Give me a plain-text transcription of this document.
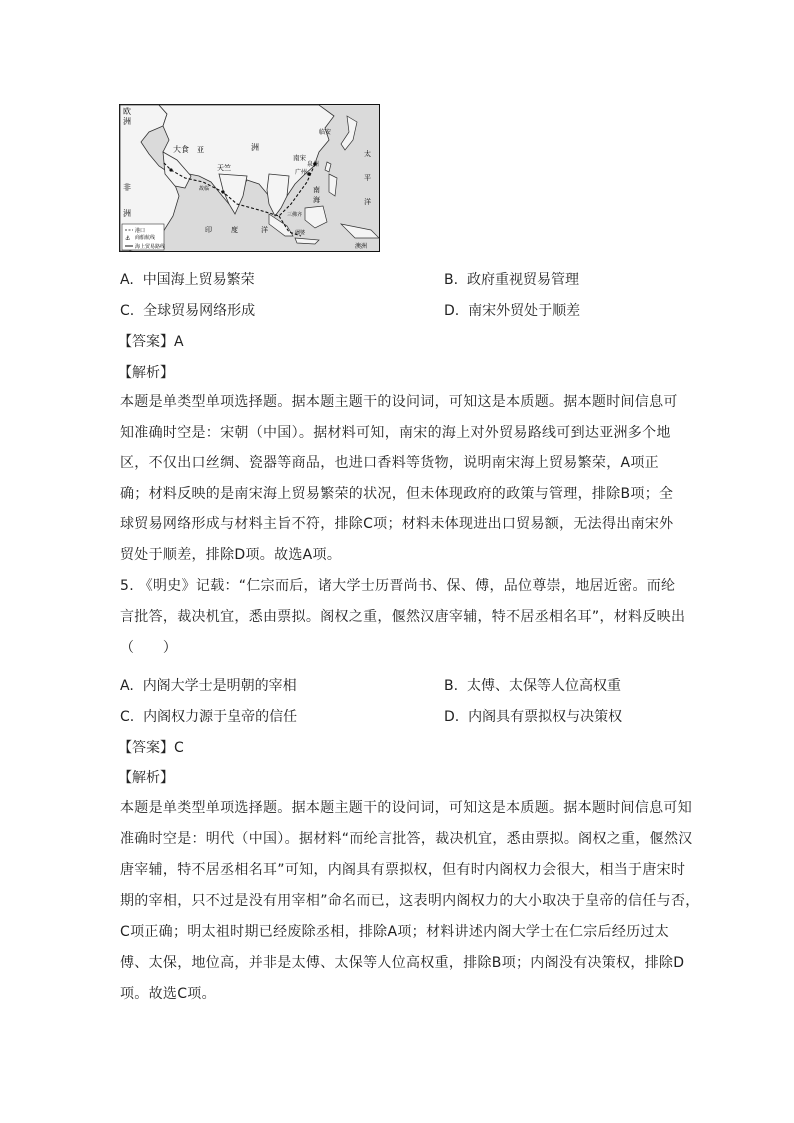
欧
洲
大食 亚	洲
天竺
非
洲
南宋
临安
泉州
广州
太
平
洋
南
海
印	度	洋
澳洲
故临
三佛齐
阇婆
港口
⚓ 商船航线
海上贸易路线
A. 中国海上贸易繁荣	B. 政府重视贸易管理
C. 全球贸易网络形成	D. 南宋外贸处于顺差
【答案】A
【解析】
本题是单类型单项选择题。据本题主题干的设问词，可知这是本质题。据本题时间信息可
知准确时空是：宋朝（中国）。据材料可知，南宋的海上对外贸易路线可到达亚洲多个地
区，不仅出口丝绸、瓷器等商品，也进口香料等货物，说明南宋海上贸易繁荣，A项正
确；材料反映的是南宋海上贸易繁荣的状况，但未体现政府的政策与管理，排除B项；全
球贸易网络形成与材料主旨不符，排除C项；材料未体现进出口贸易额，无法得出南宋外
贸处于顺差，排除D项。故选A项。
5. 《明史》记载：“仁宗而后，诸大学士历晋尚书、保、傅，品位尊崇，地居近密。而纶
言批答，裁决机宜，悉由票拟。阁权之重，偃然汉唐宰辅，特不居丞相名耳”，材料反映出
（　　）
A. 内阁大学士是明朝的宰相	B. 太傅、太保等人位高权重
C. 内阁权力源于皇帝的信任	D. 内阁具有票拟权与决策权
【答案】C
【解析】
本题是单类型单项选择题。据本题主题干的设问词，可知这是本质题。据本题时间信息可知
准确时空是：明代（中国）。据材料“而纶言批答，裁决机宜，悉由票拟。阁权之重，偃然汉
唐宰辅，特不居丞相名耳”可知，内阁具有票拟权，但有时内阁权力会很大，相当于唐宋时
期的宰相，只不过是没有用宰相”命名而已，这表明内阁权力的大小取决于皇帝的信任与否，
C项正确；明太祖时期已经废除丞相，排除A项；材料讲述内阁大学士在仁宗后经历过太
傅、太保，地位高，并非是太傅、太保等人位高权重，排除B项；内阁没有决策权，排除D
项。故选C项。
